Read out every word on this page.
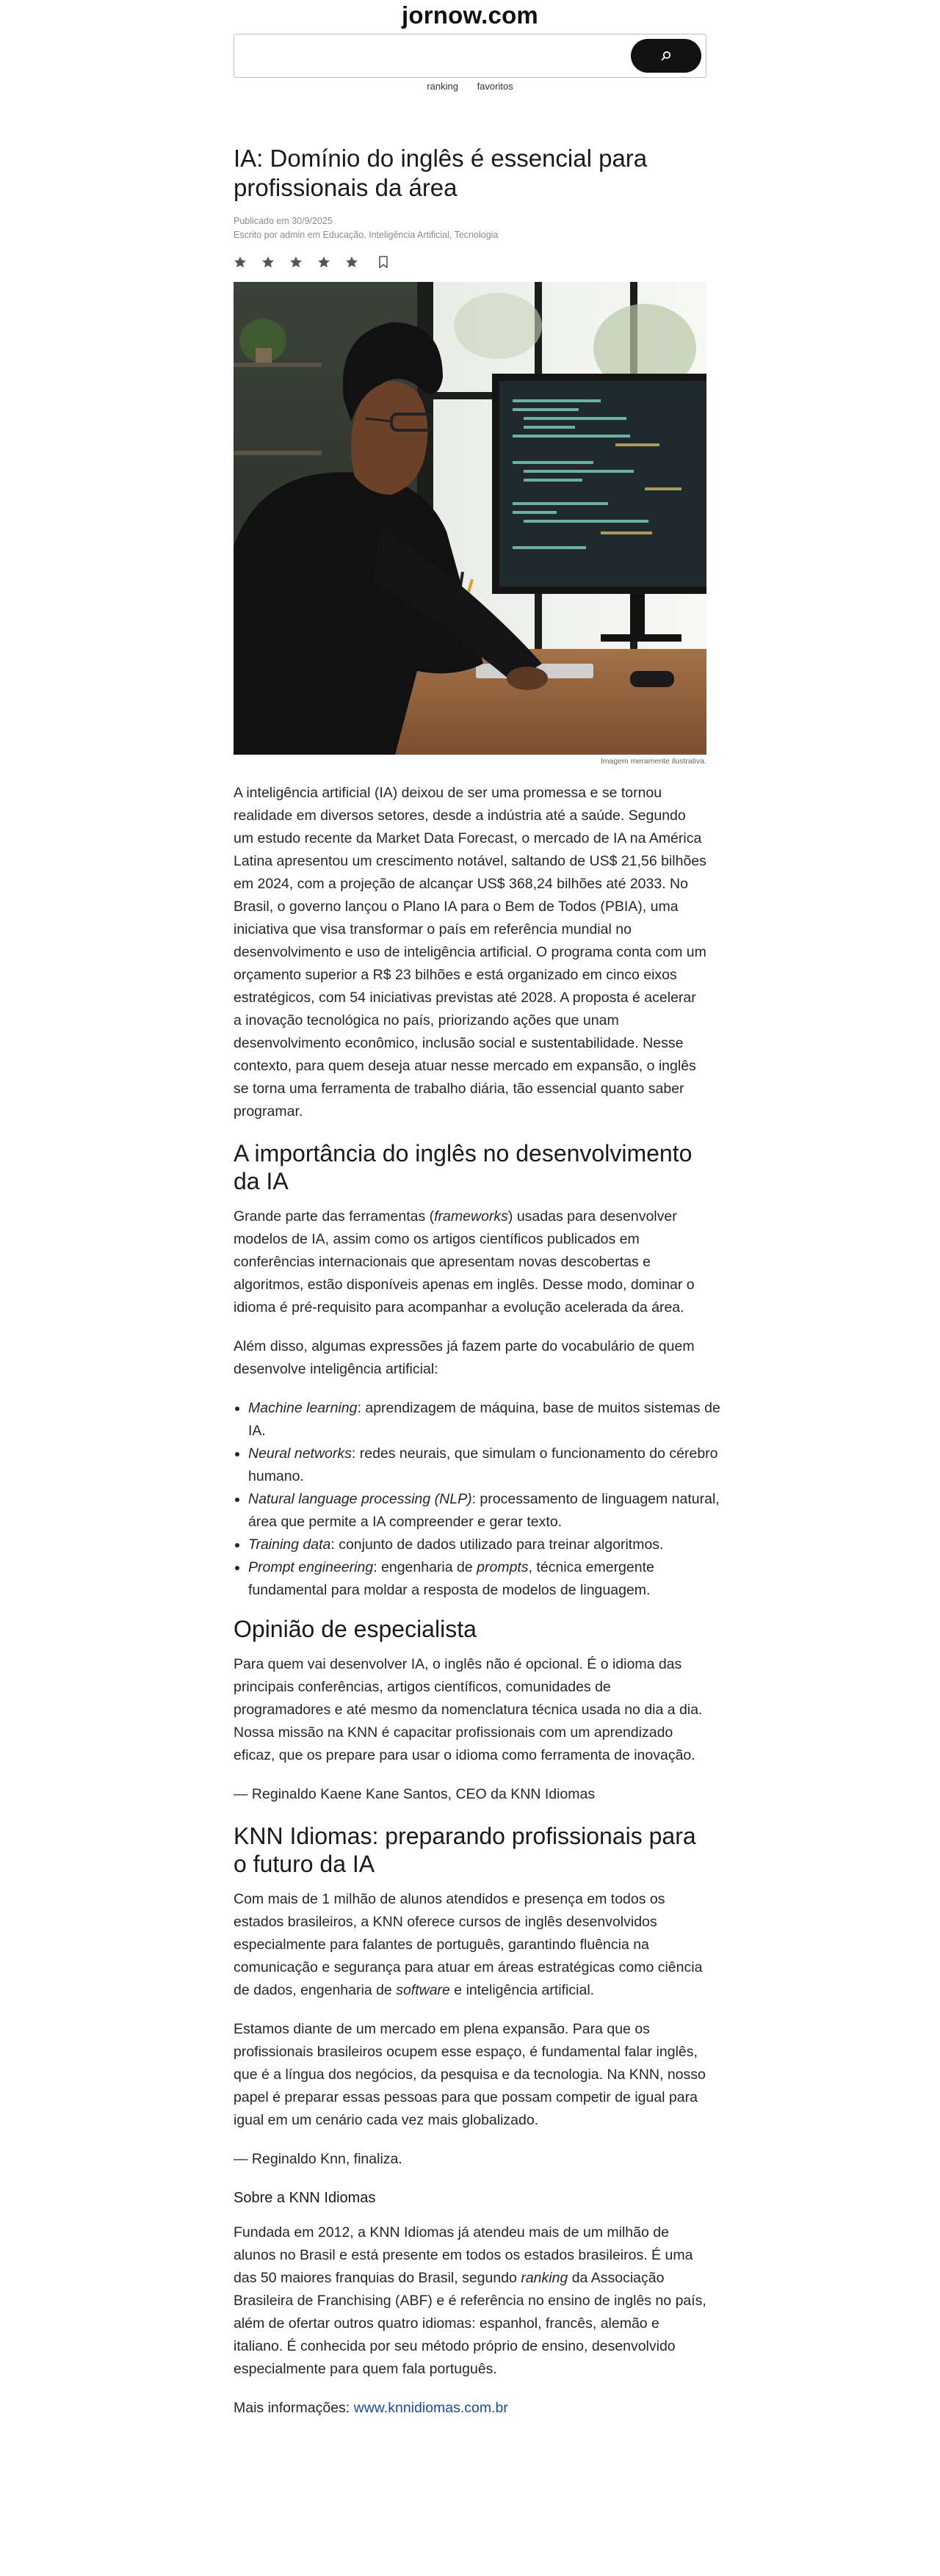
jornow.com
ranking favoritos
IA: Domínio do inglês é essencial para profissionais da área
Publicado em 30/9/2025
Escrito por admin em Educação, Inteligência Artificial, Tecnologia
Imagem meramente ilustrativa.

A inteligência artificial (IA) deixou de ser uma promessa e se tornou realidade em diversos setores, desde a indústria até a saúde. Segundo um estudo recente da Market Data Forecast, o mercado de IA na América Latina apresentou um crescimento notável, saltando de US$ 21,56 bilhões em 2024, com a projeção de alcançar US$ 368,24 bilhões até 2033. No Brasil, o governo lançou o Plano IA para o Bem de Todos (PBIA), uma iniciativa que visa transformar o país em referência mundial no desenvolvimento e uso de inteligência artificial. O programa conta com um orçamento superior a R$ 23 bilhões e está organizado em cinco eixos estratégicos, com 54 iniciativas previstas até 2028. A proposta é acelerar a inovação tecnológica no país, priorizando ações que unam desenvolvimento econômico, inclusão social e sustentabilidade. Nesse contexto, para quem deseja atuar nesse mercado em expansão, o inglês se torna uma ferramenta de trabalho diária, tão essencial quanto saber programar.

A importância do inglês no desenvolvimento da IA

Grande parte das ferramentas (frameworks) usadas para desenvolver modelos de IA, assim como os artigos científicos publicados em conferências internacionais que apresentam novas descobertas e algoritmos, estão disponíveis apenas em inglês. Desse modo, dominar o idioma é pré-requisito para acompanhar a evolução acelerada da área.

Além disso, algumas expressões já fazem parte do vocabulário de quem desenvolve inteligência artificial:

• Machine learning: aprendizagem de máquina, base de muitos sistemas de IA.
• Neural networks: redes neurais, que simulam o funcionamento do cérebro humano.
• Natural language processing (NLP): processamento de linguagem natural, área que permite a IA compreender e gerar texto.
• Training data: conjunto de dados utilizado para treinar algoritmos.
• Prompt engineering: engenharia de prompts, técnica emergente fundamental para moldar a resposta de modelos de linguagem.
Opinião de especialista

Para quem vai desenvolver IA, o inglês não é opcional. É o idioma das principais conferências, artigos científicos, comunidades de programadores e até mesmo da nomenclatura técnica usada no dia a dia. Nossa missão na KNN é capacitar profissionais com um aprendizado eficaz, que os prepare para usar o idioma como ferramenta de inovação.

— Reginaldo Kaene Kane Santos, CEO da KNN Idiomas

KNN Idiomas: preparando profissionais para o futuro da IA

Com mais de 1 milhão de alunos atendidos e presença em todos os estados brasileiros, a KNN oferece cursos de inglês desenvolvidos especialmente para falantes de português, garantindo fluência na comunicação e segurança para atuar em áreas estratégicas como ciência de dados, engenharia de software e inteligência artificial.

Estamos diante de um mercado em plena expansão. Para que os profissionais brasileiros ocupem esse espaço, é fundamental falar inglês, que é a língua dos negócios, da pesquisa e da tecnologia. Na KNN, nosso papel é preparar essas pessoas para que possam competir de igual para igual em um cenário cada vez mais globalizado.

— Reginaldo Knn, finaliza.

Sobre a KNN Idiomas

Fundada em 2012, a KNN Idiomas já atendeu mais de um milhão de alunos no Brasil e está presente em todos os estados brasileiros. É uma das 50 maiores franquias do Brasil, segundo ranking da Associação Brasileira de Franchising (ABF) e é referência no ensino de inglês no país, além de ofertar outros quatro idiomas: espanhol, francês, alemão e italiano. É conhecida por seu método próprio de ensino, desenvolvido especialmente para quem fala português.

Mais informações: www.knnidiomas.com.br
